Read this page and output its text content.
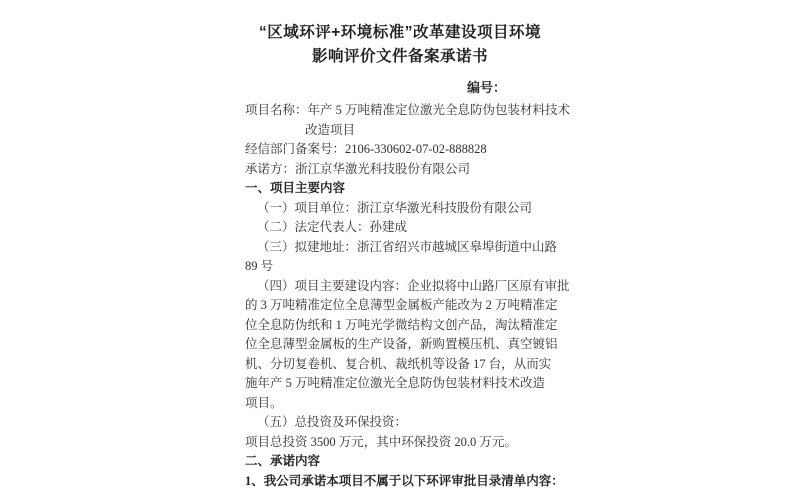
“区域环评+环境标准”改革建设项目环境
影响评价文件备案承诺书
编号：
项目名称：年产 5 万吨精准定位激光全息防伪包装材料技术
改造项目
经信部门备案号：2106-330602-07-02-888828
承诺方：浙江京华激光科技股份有限公司
一、项目主要内容
（一）项目单位：浙江京华激光科技股份有限公司
（二）法定代表人：孙建成
（三）拟建地址：浙江省绍兴市越城区皋埠街道中山路
89 号
（四）项目主要建设内容：企业拟将中山路厂区原有审批
的 3 万吨精准定位全息薄型金属板产能改为 2 万吨精准定
位全息防伪纸和 1 万吨光学微结构文创产品，淘汰精准定
位全息薄型金属板的生产设备，新购置模压机、真空镀铝
机、分切复卷机、复合机、裁纸机等设备 17 台，从而实
施年产 5 万吨精准定位激光全息防伪包装材料技术改造
项目。
（五）总投资及环保投资：
项目总投资 3500 万元，其中环保投资 20.0 万元。
二、承诺内容
1、我公司承诺本项目不属于以下环评审批目录清单内容：
